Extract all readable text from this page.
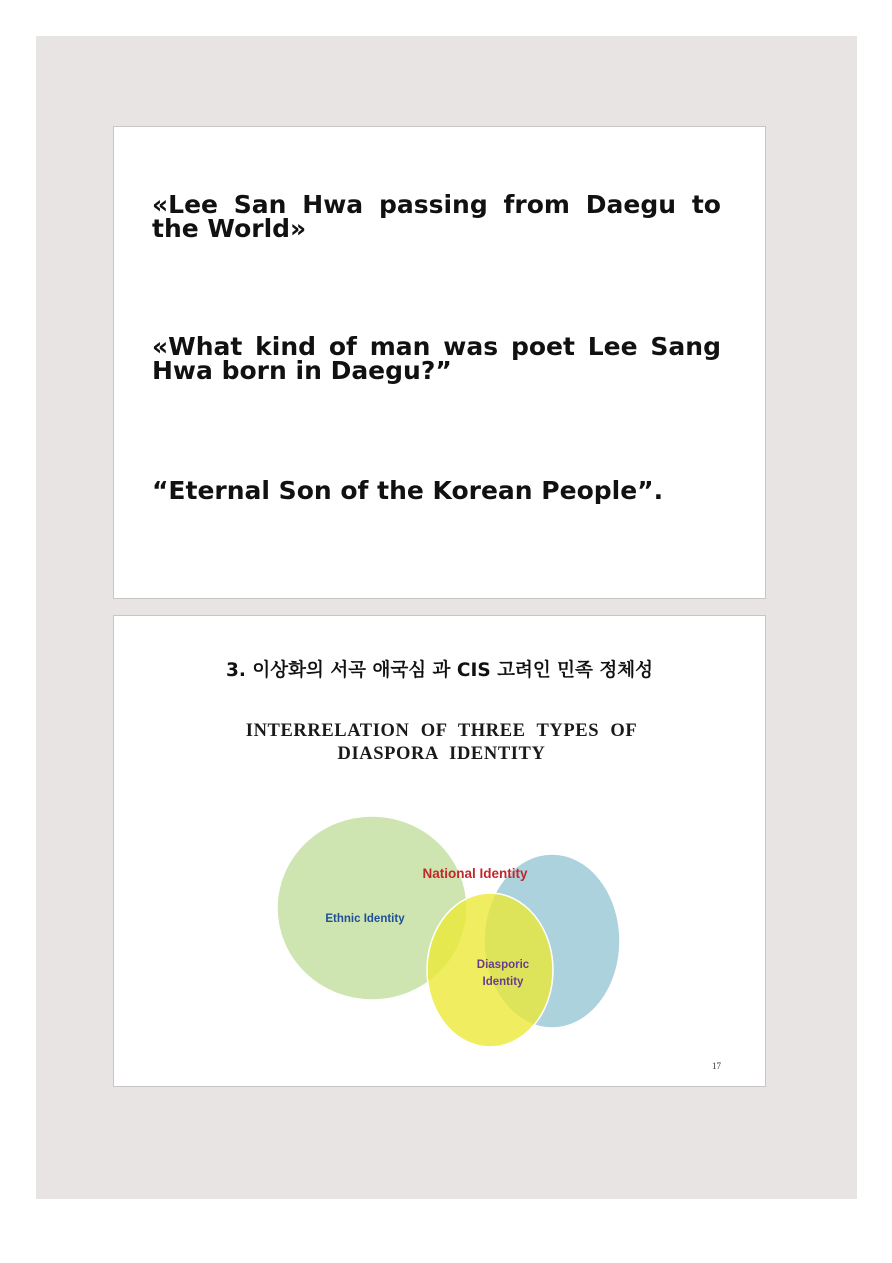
«Lee San Hwa passing from Daegu to the World»
«What kind of man was poet Lee Sang Hwa born in Daegu?”
“Eternal Son of the Korean People”.
3. 이상화의 서곡 애국심 과 CIS 고려인 민족 정체성
INTERRELATION OF THREE TYPES OF DIASPORA IDENTITY
National Identity
Ethnic Identity
Diasporic
Identity
17
